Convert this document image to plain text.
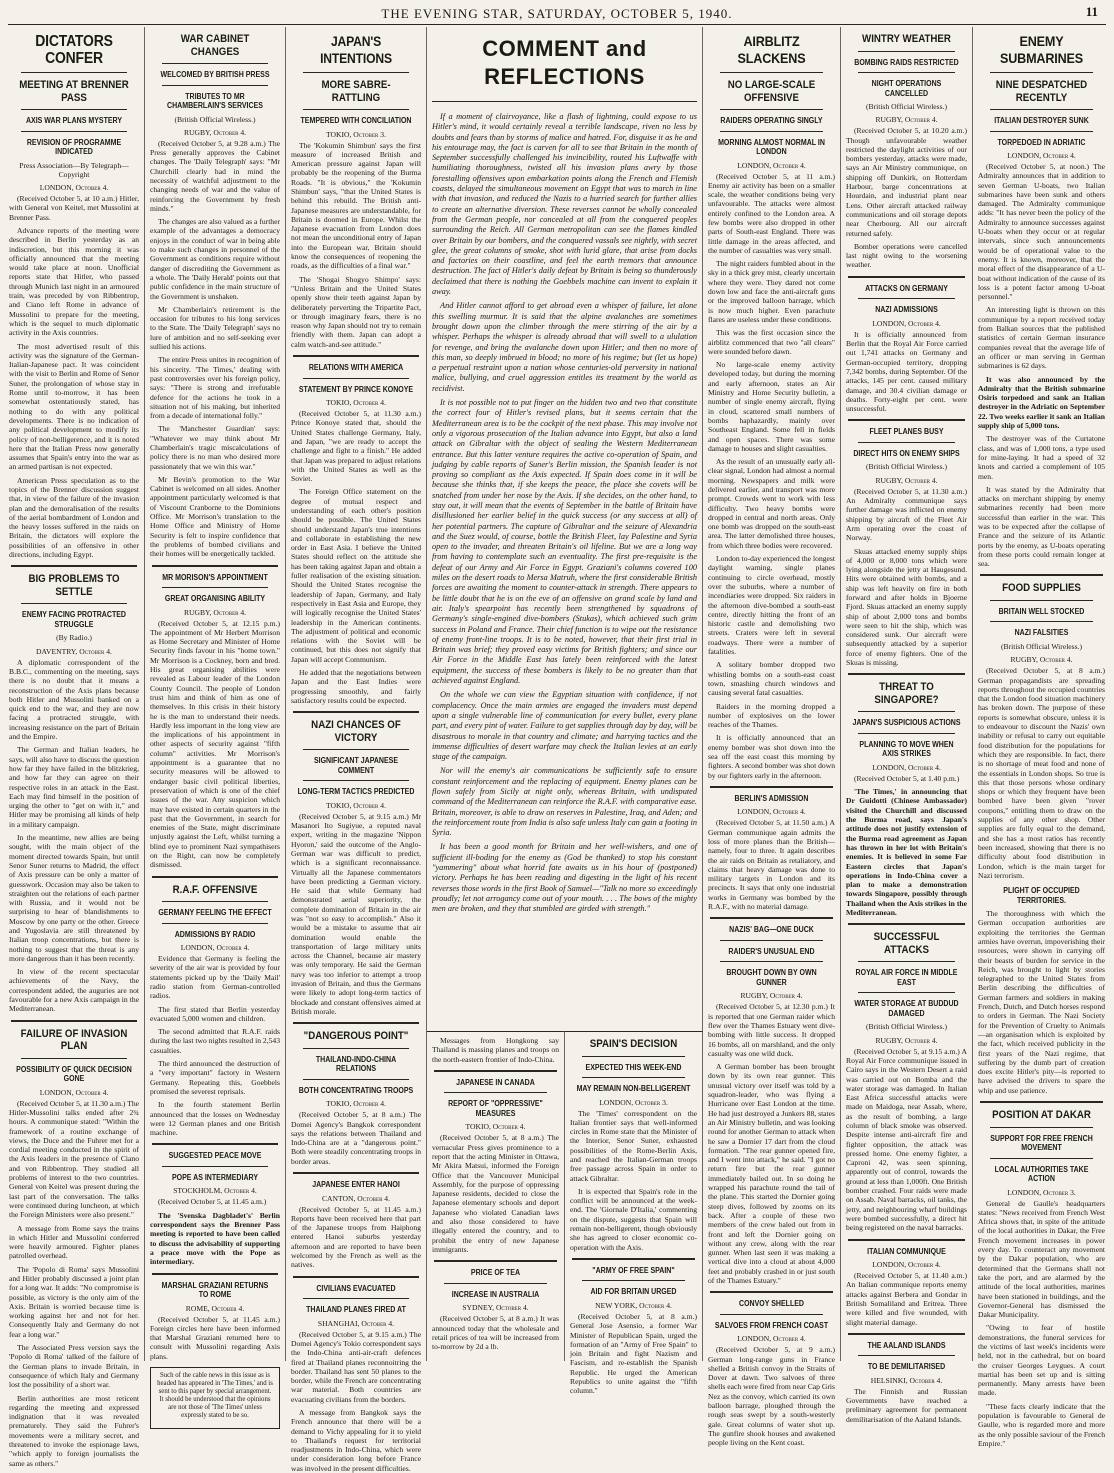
THE EVENING STAR, SATURDAY, OCTOBER 5, 1940.	11
DICTATORS CONFER
MEETING AT BRENNER PASS
AXIS WAR PLANS MYSTERY
REVISION OF PROGRAMME INDICATED
Press Association—By Telegraph—Copyright
LONDON, October 4.

(Received October 5, at 10 a.m.) Hitler, with General von Keitel, met Mussolini at Brenner Pass.

Advance reports of the meeting were described in Berlin yesterday as an indiscretion, but this morning it was officially announced that the meeting would take place at noon. Unofficial reports state that Hitler, who passed through Munich last night in an armoured train, was preceded by von Ribbentrop, and Ciano left Rome in advance of Mussolini to prepare for the meeting, which is the sequel to much diplomatic activity in the Axis countries.

The most advertised result of this activity was the signature of the German-Italian-Japanese pact. It was coincident with the visit to Berlin and Rome of Senor Suner, the prolongation of whose stay in Rome until to-morrow, it has been somewhat ostentatiously stated, has nothing to do with any political developments. There is no indication of any political development to modify its policy of non-belligerence, and it is noted here that the Italian Press now generally assumes that Spain's entry into the war as an armed partisan is not expected.

American Press speculation as to the topics of the Brenner discussion suggest that, in view of the failure of the invasion plan and the demoralisation of the results of the aerial bombardment of London and the heavy losses suffered in the raids on Britain, the dictators will explore the possibilities of an offensive in other directions, including Egypt.

BIG PROBLEMS TO SETTLE
ENEMY FACING PROTRACTED STRUGGLE
(By Radio.)
DAVENTRY, October 4.

A diplomatic correspondent of the B.B.C., commenting on the meeting, says there is no doubt that it means a reconstruction of the Axis plans because both Hitler and Mussolini banked on a quick end to the war, and they are now facing a protracted struggle, with increasing resistance on the part of Britain and the Empire.

The German and Italian leaders, he says, will also have to discuss the question how far they have failed in the blitzkrieg, and how far they can agree on their respective roles in an attack in the East. Each may find himself in the position of urging the other to "get on with it," and Hitler may be promising all kinds of help in a military campaign.

In the meantime, new allies are being sought, with the main object of the moment directed towards Spain, but until Senor Suner returns to Madrid, the effect of Axis pressure can be only a matter of guesswork. Occasion may also be taken to straighten out the relations of each partner with Russia, and it would not be surprising to hear of blandishments to Moscow by one party or the other. Greece and Yugoslavia are still threatened by Italian troop concentrations, but there is nothing to suggest that the threat is any more dangerous than it has been recently.

In view of the recent spectacular achievements of the Navy, the correspondent added, the auguries are not favourable for a new Axis campaign in the Mediterranean.

FAILURE OF INVASION PLAN
POSSIBILITY OF QUICK DECISION GONE
LONDON, October 4.

(Received October 5, at 11.30 a.m.) The Hitler-Mussolini talks ended after 2¾ hours. A communique stated: "Within the framework of a routine exchange of views, the Duce and the Fuhrer met for a cordial meeting conducted in the spirit of the Axis leaders in the presence of Ciano and von Ribbentrop. They studied all problems of interest to the two countries. General von Keitel was present during the last part of the conversation. The talks were continued during luncheon, at which the Foreign Ministers were also present."

A message from Rome says the trains in which Hitler and Mussolini conferred were heavily armoured. Fighter planes patrolled overhead.

The 'Popolo di Roma' says Mussolini and Hitler probably discussed a joint plan for a long war. It adds: "No compromise is possible, as victory is the only aim of the Axis. Britain is worried because time is working against her and not for her. Consequently Italy and Germany do not fear a long war."

The Associated Press version says the 'Popolo di Roma' talked of the failure of the German plans to invade Britain, in consequence of which Italy and Germany lost the possibility of a short war.

Berlin authorities are most reticent regarding the meeting and expressed indignation that it was revealed prematurely. They said the Fuhrer's movements were a military secret, and threatened to invoke the espionage laws, "which apply to foreign journalists the same as others."

WAR CABINET CHANGES
WELCOMED BY BRITISH PRESS
TRIBUTES TO MR CHAMBERLAIN'S SERVICES
(British Official Wireless.)
RUGBY, October 4.

(Received October 5, at 9.28 a.m.) The Press generally approves the Cabinet changes. The 'Daily Telegraph' says: "Mr Churchill clearly had in mind the necessity of watchful adjustment to the changing needs of war and the value of reinforcing the Government by fresh minds."

The changes are also valued as a further example of the advantages a democracy enjoys in the conduct of war in being able to make such changes in personnel of the Government as conditions require without danger of discrediting the Government as a whole. The 'Daily Herald' points out that public confidence in the main structure of the Government is unshaken.

Mr Chamberlain's retirement is the occasion for tributes to his long services to the State. The 'Daily Telegraph' says no lure of ambition and no self-seeking ever sullied his actions.

The entire Press unites in recognition of his sincerity. 'The Times,' dealing with past controversies over his foreign policy, says: "There is strong and irrefutable defence for the actions he took in a situation not of his making, but inherited from a decade of international folly."

The 'Manchester Guardian' says: "Whatever we may think about Mr Chamberlain's tragic miscalculations of policy there is no man who desired more passionately that we win this war."

Mr Bevin's promotion to the War Cabinet is welcomed on all sides. Another appointment particularly welcomed is that of Viscount Cranborne to the Dominions Office. Mr Morrison's translation to the Home Office and Ministry of Home Security is felt to inspire confidence that the problems of bombed civilians and their homes will be energetically tackled.

MR MORISON'S APPOINTMENT
GREAT ORGANISING ABILITY
RUGBY, October 4.

(Received October 5, at 12.15 p.m.) The appointment of Mr Herbert Morrison as Home Secretary and Minister of Home Security finds favour in his "home town." Mr Morrison is a Cockney, born and bred. His great organising abilities were revealed as Labour leader of the London County Council. The people of London trust him and think of him as one of themselves. In this crisis in their history he is the man to understand their needs. Hardly less important in the long view are the implications of his appointment in other aspects of security against "fifth column" activities. Mr Morrison's appointment is a guarantee that no security measures will be allowed to endanger basic civil political liberties, preservation of which is one of the chief issues of the war. Any suspicion which may have existed in certain quarters in the past that the Government, in search for enemies of the State, might discriminate unjustly against the Left, whilst turning a blind eye to prominent Nazi sympathisers on the Right, can now be completely dismissed.

R.A.F. OFFENSIVE
GERMANY FEELING THE EFFECT
ADMISSIONS BY RADIO
LONDON, October 4.

Evidence that Germany is feeling the severity of the air war is provided by four statements picked up by the 'Daily Mail' radio station from German-controlled radios.

The first stated that Berlin yesterday evacuated 5,000 women and children.

The second admitted that R.A.F. raids during the last two nights resulted in 2,543 casualties.

The third announced the destruction of a "very important" factory in Western Germany. Repeating this, Goebbels promised the severest reprisals.

In the fourth statement Berlin announced that the losses on Wednesday were 12 German planes and one British machine.

SUGGESTED PEACE MOVE
POPE AS INTERMEDIARY
STOCKHOLM, October 4.

(Received October 5, at 11.45 a.m.)

The 'Svenska Dagbladet's' Berlin correspondent says the Brenner Pass meeting is reported to have been called to discuss the advisability of supporting a peace move with the Pope as intermediary.

MARSHAL GRAZIANI RETURNS TO ROME
ROME, October 4.

(Received October 5, at 11.45 a.m.) Foreign circles here have been informed that Marshal Graziani returned here to consult with Mussolini regarding Axis plans.

Such of the cable news in this issue as is headed has appeared in 'The Times,' and is sent to this paper by special arrangement. It should be understood that the opinions are not those of 'The Times' unless expressly stated to be so.

JAPAN'S INTENTIONS
MORE SABRE-RATTLING
TEMPERED WITH CONCILIATION
TOKIO, October 3.

The 'Kokumin Shimbun' says the first measure of increased British and American pressure against Japan will probably be the reopening of the Burma Roads. "It is obvious," the 'Kokumin Shimbun' says, "that the United States is behind this rebuild. The British anti-Japanese measures are understandable, for Britain is doomed in Europe. Whilst the Japanese evacuation from London does not mean the unconditional entry of Japan into the European war, Britain should know the consequences of reopening the roads, as the difficulties of a final war."

The 'Shogai Shogyo Shimpo' says: "Unless Britain and the United States openly show their teeth against Japan by deliberately perverting the Tripartite Pact, or through imaginary fears, there is no reason why Japan should not try to remain friendly with them. Japan can adopt a calm watch-and-see attitude."

RELATIONS WITH AMERICA
STATEMENT BY PRINCE KONOYE
TOKIO, October 4.

(Received October 5, at 11.30 a.m.) Prince Konoye stated that, should the United States challenge Germany, Italy, and Japan, "we are ready to accept the challenge and fight to a finish." He added that Japan was prepared to adjust relations with the United States as well as the Soviet.

The Foreign Office statement on the degree of mutual respect and understanding of each other's position should be possible. The United States should understand Japan's true intentions and collaborate in establishing the new order in East Asia. I believe the United States should reflect on the attitude she has been taking against Japan and obtain a fuller realisation of the existing situation. Should the United States recognise the leadership of Japan, Germany, and Italy respectively in East Asia and Europe, they will logically recognise the United States' leadership in the American continents. The adjustment of political and economic relations with the Soviet will be continued, but this does not signify that Japan will accept Communism.

He added that the negotiations between Japan and the East Indies were progressing smoothly, and fairly satisfactory results could be expected.

NAZI CHANCES OF VICTORY
SIGNIFICANT JAPANESE COMMENT
LONG-TERM TACTICS PREDICTED
TOKIO, October 4.

(Received October 5, at 9.15 a.m.) Mr Masanori Ito Sugiyue, a reputed naval expert, writing in the magazine 'Nippon Hyoron,' said the outcome of the Anglo-German war was difficult to predict, which is a significant reconnaissance. Virtually all the Japanese commentators have been predicting a German victory. He said that while Germany had demonstrated aerial superiority, the complete domination of Britain in the air was "not so easy to accomplish." Also it would be a mistake to assume that air domination would enable the transportation of large military units across the Channel, because air mastery was only temporary. He said the German navy was too inferior to attempt a troop invasion of Britain, and thus the Germans were likely to adopt long-term tactics of blockade and constant offensives aimed at British morale.

"DANGEROUS POINT"
THAILAND-INDO-CHINA RELATIONS
BOTH CONCENTRATING TROOPS
TOKIO, October 4.

(Received October 5, at 8 a.m.) The Domei Agency's Bangkok correspondent says the relations between Thailand and Indo-China are at a "dangerous point." Both were steadily concentrating troops in border areas.

JAPANESE ENTER HANOI
CANTON, October 4.

(Received October 5, at 11.45 a.m.) Reports have been received here that part of the Japanese troops from Haiphong entered Hanoi suburbs yesterday afternoon and are reported to have been welcomed by the French as well as the natives.

CIVILIANS EVACUATED
THAILAND PLANES FIRED AT
SHANGHAI, October 4.

(Received October 5, at 9.15 a.m.) The Domei Agency's Tokio correspondent says the Indo-China anti-air-craft defences fired at Thailand planes reconnoitring the border. Thailand has sent 50 planes to the border, while the French are concentrating war material. Both countries are evacuating civilians from the borders.

A message from Bangkok says the French announce that there will be a demand to Vichy appealing for it to yield to Thailand's request for territorial readjustments in Indo-China, which were under consideration long before France was involved in the present difficulties.

COMMENT and REFLECTIONS

If a moment of clairvoyance, like a flash of lightning, could expose to us Hitler's mind, it would certainly reveal a terrible landscape, riven no less by doubts and fears than by storms of malice and hatred. For, disguise it as he and his entourage may, the fact is carven for all to see that Britain in the month of September successfully challenged his invincibility, routed his Luftwaffe with humiliating thoroughness, twisted all his invasion plans awry by those forestalling offensives upon embarkation points along the French and Flemish coasts, delayed the simultaneous movement on Egypt that was to march in line with that invasion, and reduced the Nazis to a hurried search for further allies to create an alternative diversion. These reverses cannot be wholly concealed from the German people, nor concealed at all from the conquered peoples surrounding the Reich. All German metropolitan can see the flames kindled over Britain by our bombers, and the conquered vassals see nightly, with secret glee, the great columns of smoke, shot with lurid glare, that arise from docks and factories on their coastline, and feel the earth tremors that announce destruction. The fact of Hitler's daily defeat by Britain is being so thunderously declaimed that there is nothing the Goebbels machine can invent to explain it away.

And Hitler cannot afford to get abroad even a whisper of failure, let alone this swelling murmur. It is said that the alpine avalanches are sometimes brought down upon the climber through the mere stirring of the air by a whisper. Perhaps the whisper is already abroad that will swell to a ululation for revenge, and bring the avalanche down upon Hitler; and then no more of this man, so deeply imbrued in blood; no more of his regime; but (let us hope) a perpetual restraint upon a nation whose centuries-old perversity in national malice, bullying, and cruel aggression entitles its treatment by the world as recidivist.

It is not possible not to put finger on the hidden two and two that constitute the correct four of Hitler's revised plans, but it seems certain that the Mediterranean area is to be the cockpit of the next phase. This may involve not only a vigorous prosecution of the Italian advance into Egypt, but also a land attack on Gibraltar with the object of sealing the Western Mediterranean entrance. But this latter venture requires the active co-operation of Spain, and judging by cable reports of Suner's Berlin mission, the Spanish leader is not proving so compliant as the Axis expected. If Spain does come in it will be because she thinks that, if she keeps the peace, the place she covets will be snatched from under her nose by the Axis. If she decides, on the other hand, to stay out, it will mean that the events of September in the battle of Britain have disillusioned her earlier belief in the quick success (or any success at all) of her potential partners. The capture of Gibraltar and the seizure of Alexandria and the Suez would, of course, bottle the British Fleet, lay Palestine and Syria open to the invader, and threaten Britain's oil lifeline. But we are a long way from having to contemplate such an eventuality. The first pre-requisite is the defeat of our Army and Air Force in Egypt. Graziani's columns covered 100 miles on the desert roads to Mersa Matruh, where the first considerable British forces are awaiting the moment to counter-attack in strength. There appears to be little doubt that he is on the eve of an offensive on grand scale by land and air. Italy's spearpoint has recently been strengthened by squadrons of Germany's single-engined dive-bombers (Stukas), which achieved such grim success in Poland and France. Their chief function is to wipe out the resistance of enemy front-line troops. It is to be noted, however, that their first trial in Britain was brief; they proved easy victims for British fighters; and since our Air Force in the Middle East has lately been reinforced with the latest equipment, the success of these bombers is likely to be no greater than that achieved against England.

On the whole we can view the Egyptian situation with confidence, if not complacency. Once the main armies are engaged the invaders must depend upon a single vulnerable line of communication for every bullet, every plane part, and every pint of water. Failure to get supplies through day by day, will be disastrous to morale in that country and climate; and harrying tactics and the immense difficulties of desert warfare may check the Italian levies at an early stage of the campaign.

Nor will the enemy's air communications be sufficiently safe to ensure constant reinforcement and the replacing of equipment. Enemy planes can be flown safely from Sicily at night only, whereas Britain, with undisputed command of the Mediterranean can reinforce the R.A.F. with comparative ease. Britain, moreover, is able to draw on reserves in Palestine, Iraq, and Aden; and the reinforcement route from India is also safe unless Italy can gain a footing in Syria.

It has been a good month for Britain and her well-wishers, and one of sufficient ill-boding for the enemy as (God be thanked) to stop his constant "yammering" about what horrid fate awaits us in his hour of (postponed) victory. Perhaps he has been reading and digesting in the light of his recent reverses those words in the first Book of Samuel—"Talk no more so exceedingly proudly; let not arrogancy come out of your mouth. . . . The bows of the mighty men are broken, and they that stumbled are girded with strength."

Messages from Hongkong say Thailand is massing planes and troops on the north-eastern frontier of Indo-China.

JAPANESE IN CANADA
REPORT OF "OPPRESSIVE" MEASURES
TOKIO, October 4.

(Received October 5, at 8 a.m.) The vernacular Press gives prominence to a report that the acting Minister in Ottawa, Mr Akira Matsui, informed the Foreign Office that the Vancouver Municipal Assembly, for the purpose of oppressing Japanese residents, decided to close the Japanese elementary schools and deport Japanese who violated Canadian laws and also those considered to have illegally entered the country, and to prohibit the entry of new Japanese immigrants.

PRICE OF TEA
INCREASE IN AUSTRALIA
SYDNEY, October 4.

(Received October 5, at 8 a.m.) It was announced today that the wholesale and retail prices of tea will be increased from to-morrow by 2d a lb.

SPAIN'S DECISION
EXPECTED THIS WEEK-END
MAY REMAIN NON-BELLIGERENT
LONDON, October 3.

The 'Times' correspondent on the Italian frontier says that well-informed circles in Rome state that the Minister of the Interior, Senor Suner, exhausted possibilities of the Rome-Berlin Axis, and reached the Italian-German troops free passage across Spain in order to attack Gibraltar.

It is expected that Spain's role in the conflict will be announced at the week-end. The 'Giornale D'Italia,' commenting on the dispute, suggests that Spain will remain non-belligerent, though obviously she has agreed to closer economic co-operation with the Axis.

"ARMY OF FREE SPAIN"
AID FOR BRITAIN URGED
NEW YORK, October 4.

(Received October 5, at 8 a.m.) General Jose Asensio, a former War Minister of Republican Spain, urged the formation of an "Army of Free Spain" to join Britain and fight Nazism and Fascism, and re-establish the Spanish Republic. He urged the American Republics to unite against the "fifth column."

AIRBLITZ SLACKENS
NO LARGE-SCALE OFFENSIVE
RAIDERS OPERATING SINGLY
MORNING ALMOST NORMAL IN LONDON
LONDON, October 4.

(Received October 5, at 11 a.m.) Enemy air activity has been on a smaller scale, the weather conditions being very unfavourable. The attacks were almost entirely confined to the London area. A few bombs were also dropped in other parts of South-east England. There was little damage in the areas affected, and the number of casualties was very small.

The night raiders fumbled about in the sky in a thick grey mist, clearly uncertain where they were. They dared not come down low and face the anti-aircraft guns or the improved balloon barrage, which is now much higher. Even parachute flares are useless under these conditions.

This was the first occasion since the airblitz commenced that two "all clears" were sounded before dawn.

No large-scale enemy activity developed today, but during the morning and early afternoon, states an Air Ministry and Home Security bulletin, a number of single enemy aircraft, flying in cloud, scattered small numbers of bombs haphazardly, mainly over Southeast England. Some fell in fields and open spaces. There was some damage to houses and slight casualties.

As the result of an unusually early all-clear signal, London had almost a normal morning. Newspapers and milk were delivered earlier, and transport was more prompt. Crowds went to work with less difficulty. Two heavy bombs were dropped in central and north areas. Only one bomb was dropped on the south-east area. The latter demolished three houses, from which three bodies were recovered.

London to-day experienced the longest daylight warning, single planes continuing to circle overhead, mostly over the suburbs, where a number of incendiaries were dropped. Six raiders in the afternoon dive-bombed a south-east centre, directly hitting the front of an historic castle and demolishing two streets. Craters were left in several roadways. There were a number of fatalities.

A solitary bomber dropped two whistling bombs on a south-east coast town, smashing church windows and causing several fatal casualties.

Raiders in the morning dropped a number of explosives on the lower reaches of the Thames.

It is officially announced that an enemy bomber was shot down into the sea off the east coast this morning by fighters. A second bomber was shot down by our fighters early in the afternoon.

BERLIN'S ADMISSION
LONDON, October 4.

(Received October 5, at 11.50 a.m.) A German communique again admits the loss of more planes than the British—namely, four to three. It again describes the air raids on Britain as retaliatory, and claims that heavy damage was done to military targets in London and its precincts. It says that only one industrial works in Germany was bombed by the R.A.F., with no material damage.

NAZIS' BAG—ONE DUCK
RAIDER'S UNUSUAL END
BROUGHT DOWN BY OWN GUNNER
RUGBY, October 4.

(Received October 5, at 12.30 p.m.) It is reported that one German raider which flew over the Thames Estuary went dive-bombing with little success. It dropped 16 bombs, all on marshland, and the only casualty was one wild duck.

A German bomber has been brought down by its own rear gunner. This unusual victory over itself was told by a squadron-leader, who was flying a Hurricane over East London at the time. He had just destroyed a Junkers 88, states an Air Ministry bulletin, and was looking round for another German to attack when he saw a Dornier 17 dart from the cloud formation. "The rear gunner opened fire, and I went into attack," he said. "I got no return fire but the rear gunner immediately bailed out. In so doing he wrapped his parachute round the tail of the plane. This started the Dornier going steep dives, followed by zooms on its back. After a couple of these two members of the crew baled out from in front and left the Dornier going on without any crew, along with the rear gunner. When last seen it was making a vertical dive into a cloud at about 4,000 feet and probably crashed in or just south of the Thames Estuary."

CONVOY SHELLED
SALVOES FROM FRENCH COAST
LONDON, October 4.

(Received October 5, at 9 a.m.) German long-range guns in France shelled a British convoy in the Straits of Dover at dawn. Two salvoes of three shells each were fired from near Cap Gris Nez as the convoy, which carried its own balloon barrage, ploughed through the rough seas swept by a south-westerly gale. Great columns of water shot up. The gunfire shook houses and awakened people living on the Kent coast.

WINTRY WEATHER
BOMBING RAIDS RESTRICTED
NIGHT OPERATIONS CANCELLED
(British Official Wireless.)
RUGBY, October 4.

(Received October 5, at 10.20 a.m.) Though unfavourable weather restricted the daylight activities of our bombers yesterday, attacks were made, says an Air Ministry communique, on shipping off Dunkirk, on Rotterdam Harbour, barge concentrations at Hourdain, and industrial plant near Lens. Other aircraft attacked railway communications and oil storage depots near Cherbourg. All our aircraft returned safely.

Bomber operations were cancelled last night owing to the worsening weather.

ATTACKS ON GERMANY
NAZI ADMISSIONS
LONDON, October 4.

It is officially announced from Berlin that the Royal Air Force carried out 1,741 attacks on Germany and German-occupied territory, dropping 7,342 bombs, during September. Of the attacks, 145 per cent. caused military damage, and 30.4 civilian damage or deaths. Forty-eight per cent. were unsuccessful.

FLEET PLANES BUSY
DIRECT HITS ON ENEMY SHIPS
(British Official Wireless.)
RUGBY, October 4.

(Received October 5, at 11.30 a.m.) An Admiralty communique says further damage was inflicted on enemy shipping by aircraft of the Fleet Air Arm operating over the coast of Norway.

Skuas attacked enemy supply ships of 4,000 or 8,000 tons which were lying alongside the jetty at Haugesund. Hits were obtained with bombs, and a ship was left heavily on fire in both forward and after holds in Bjoerne Fjord. Skuas attacked an enemy supply ship of about 2,000 tons and bombs were seen to hit the ship, which was considered sunk. Our aircraft were subsequently attacked by a superior force of enemy fighters. One of the Skuas is missing.

THREAT TO SINGAPORE?
JAPAN'S SUSPICIOUS ACTIONS
PLANNING TO MOVE WHEN AXIS STRIKES
LONDON, October 4.

(Received October 5, at 1.40 p.m.)

'The Times,' in announcing that Dr Guidotti (Chinese Ambassador) visited the Churchill and discussed the Burma road, says Japan's attitude does not justify extension of the Burma road agreement as Japan has thrown in her lot with Britain's enemies. It is believed in some Far Eastern circles that Japan's operations in Indo-China cover a plan to make a demonstration towards Singapore, possibly through Thailand when the Axis strikes in the Mediterranean.

SUCCESSFUL ATTACKS
ROYAL AIR FORCE IN MIDDLE EAST
WATER STORAGE AT BUDDUD DAMAGED
(British Official Wireless.)
RUGBY, October 4.

(Received October 5, at 9.15 a.m.) A Royal Air Force communique issued in Cairo says in the Western Desert a raid was carried out on Bomba and the water storage was damaged. In Italian East Africa successful attacks were made on Maidoga, near Assab, where, as the result of bombing, a large column of black smoke was observed. Despite intense anti-aircraft fire and fighter opposition, the attack was pressed home. One enemy fighter, a Caproni 42, was seen spinning, apparently out of control, towards the ground at less than 1,000ft. One British bomber crashed. Four raids were made on Assab. Naval barracks, oil tanks, the jetty, and neighbouring wharf buildings were bombed successfully, a direct hit being registered on the naval barracks.

ITALIAN COMMUNIQUE
LONDON, October 4.

(Received October 5, at 11.40 a.m.) An Italian communique reports enemy attacks against Berbera and Gondar in British Somaliland and Eritrea. Three were killed and five wounded, with slight material damage.

THE AALAND ISLANDS
TO BE DEMILITARISED
HELSINKI, October 4.

The Finnish and Russian Governments have reached a preliminary agreement for permanent demilitarisation of the Aaland Islands.

ENEMY SUBMARINES
NINE DESPATCHED RECENTLY
ITALIAN DESTROYER SUNK
TORPEDOED IN ADRIATIC
LONDON, October 4.

(Received October 5, at noon.) The Admiralty announces that in addition to seven German U-boats, two Italian submarines have been sunk and others damaged. The Admiralty communique adds: "It has never been the policy of the Admiralty to announce successes against U-boats when they occur or at regular intervals, since such announcements would be of operational value to the enemy. It is known, moreover, that the moral effect of the disappearance of a U-boat without indication of the cause of its loss is a potent factor among U-boat personnel."

An interesting light is thrown on this communique by a report received today from Balkan sources that the published statistics of certain German insurance companies reveal that the average life of an officer or man serving in German submarines is 62 days.

It was also announced by the Admiralty that the British submarine Osiris torpedoed and sank an Italian destroyer in the Adriatic on September 22. Two weeks earlier it sank an Italian supply ship of 5,000 tons.

The destroyer was of the Curtatone class, and was of 1,000 tons, a type used for mine-laying. It had a speed of 32 knots and carried a complement of 105 men.

It was stated by the Admiralty that attacks on merchant shipping by enemy submarines recently had been more successful than earlier in the war. This was to be expected after the collapse of France and the seizure of its Atlantic ports by the enemy, as U-boats operating from these ports could remain longer at sea.

FOOD SUPPLIES
BRITAIN WELL STOCKED
NAZI FALSITIES
(British Official Wireless.)
RUGBY, October 4.

(Received October 5, at 8 a.m.) German propagandists are spreading reports throughout the occupied countries that the London food situation machinery has broken down. The purpose of these reports is somewhat obscure, unless it is to endeavour to discount the Nazis' own inability or refusal to carry out equitable food distribution for the populations for which they are responsible. In fact, there is no shortage of meat food and none of the essentials in London shops. So true is this that those persons whose ordinary shops or which they frequent have been bombed have been given "rover coupons," entitling them to draw on the supplies of any other shop. Other supplies are fully equal to the demand, and she has a most ratios has recently been increased, showing that there is no difficulty about food distribution in London, which is the main target for Nazi terrorism.

PLIGHT OF OCCUPIED TERRITORIES.

The thoroughness with which the German occupation authorities are exploiting the territories the German armies have overrun, impoverishing their resources, were shown in carrying off their beasts of burden for service in the Reich, was brought to light by stories telegraphed to the United States from Berlin describing the difficulties of German farmers and soldiers in making French, Dutch, and Dutch horses respond to orders in German. The Nazi Society for the Prevention of Cruelty to Animals—an organisation which is exploited by the fact, which received publicity in the first years of the Nazi regime, that suffering by the dumb part of creation does excite Hitler's pity—is reported to have advised the drivers to spare the whip and use patience.

POSITION AT DAKAR
SUPPORT FOR FREE FRENCH MOVEMENT
LOCAL AUTHORITIES TAKE ACTION
LONDON, October 3.

General de Gaulle's headquarters states: "News received from French West Africa shows that, in spite of the attitude of the local authorities in Dakar, the Free French movement increases in power every day. To counteract any movement by the Dakar population, who are determined that the Germans shall not take the port, and are alarmed by the attitude of the local authorities, marines have been stationed in buildings, and the Governor-General has dismissed the Dakar Municipality.

"Owing to fear of hostile demonstrations, the funeral services for the victims of last week's incidents were held, not in the cathedral, but on board the cruiser Georges Leygues. A court martial has been set up and is sitting permanently. Many arrests have been made.

"These facts clearly indicate that the population is favourable to General de Gaulle, who is regarded more and more as the only possible saviour of the French Empire."
